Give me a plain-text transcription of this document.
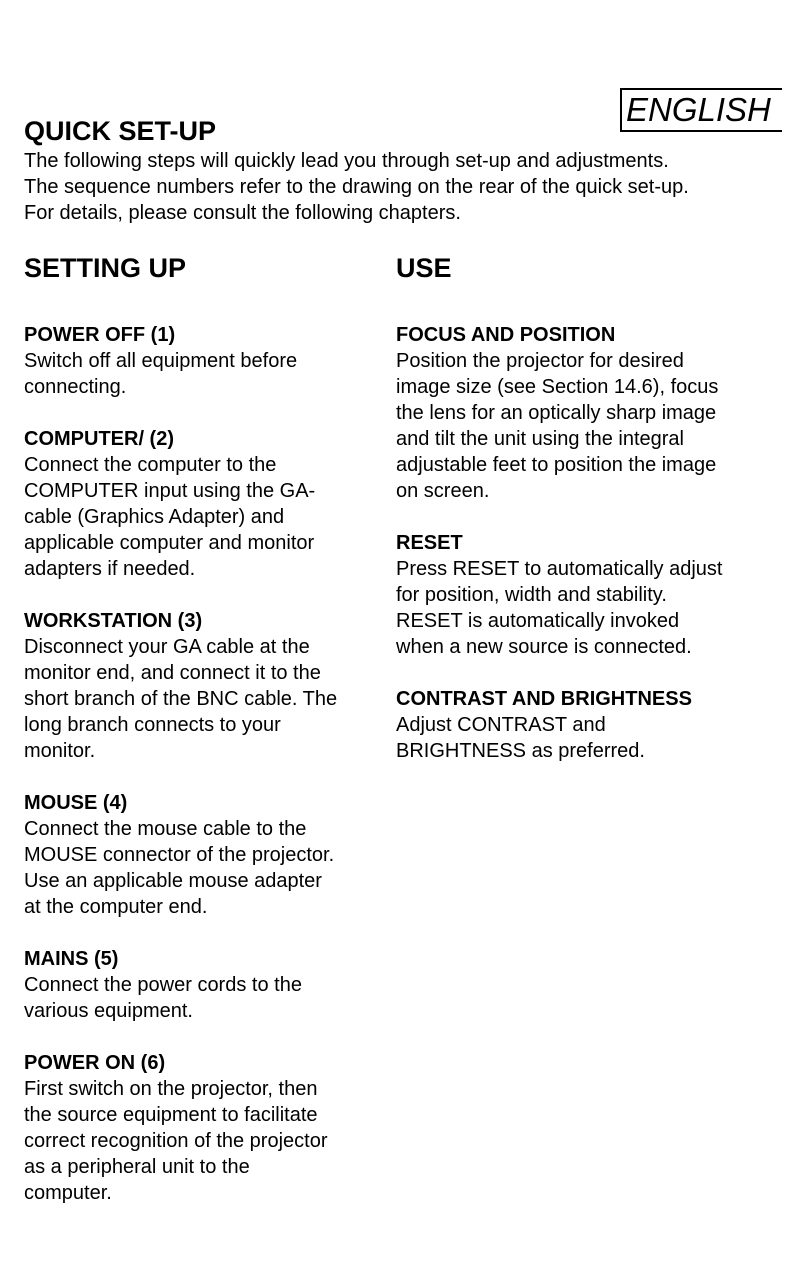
ENGLISH
QUICK SET-UP

The following steps will quickly lead you through set-up and adjustments.
The sequence numbers refer to the drawing on the rear of the quick set-up.
For details, please consult the following chapters.

SETTING UP
POWER OFF (1)

Switch off all equipment before
connecting.

COMPUTER/ (2)

Connect the computer to the
COMPUTER input using the GA-
cable (Graphics Adapter) and
applicable computer and monitor
adapters if needed.

WORKSTATION (3)

Disconnect your GA cable at the
monitor end, and connect it to the
short branch of the BNC cable. The
long branch connects to your
monitor.

MOUSE (4)

Connect the mouse cable to the
MOUSE connector of the projector.
Use an applicable mouse adapter
at the computer end.

MAINS (5)

Connect the power cords to the
various equipment.

POWER ON (6)

First switch on the projector, then
the source equipment to facilitate
correct recognition of the projector
as a peripheral unit to the
computer.

USE
FOCUS AND POSITION

Position the projector for desired
image size (see Section 14.6), focus
the lens for an optically sharp image
and tilt the unit using the integral
adjustable feet to position the image
on screen.

RESET

Press RESET to automatically adjust
for position, width and stability.
RESET is automatically invoked
when a new source is connected.

CONTRAST AND BRIGHTNESS

Adjust CONTRAST and
BRIGHTNESS as preferred.
